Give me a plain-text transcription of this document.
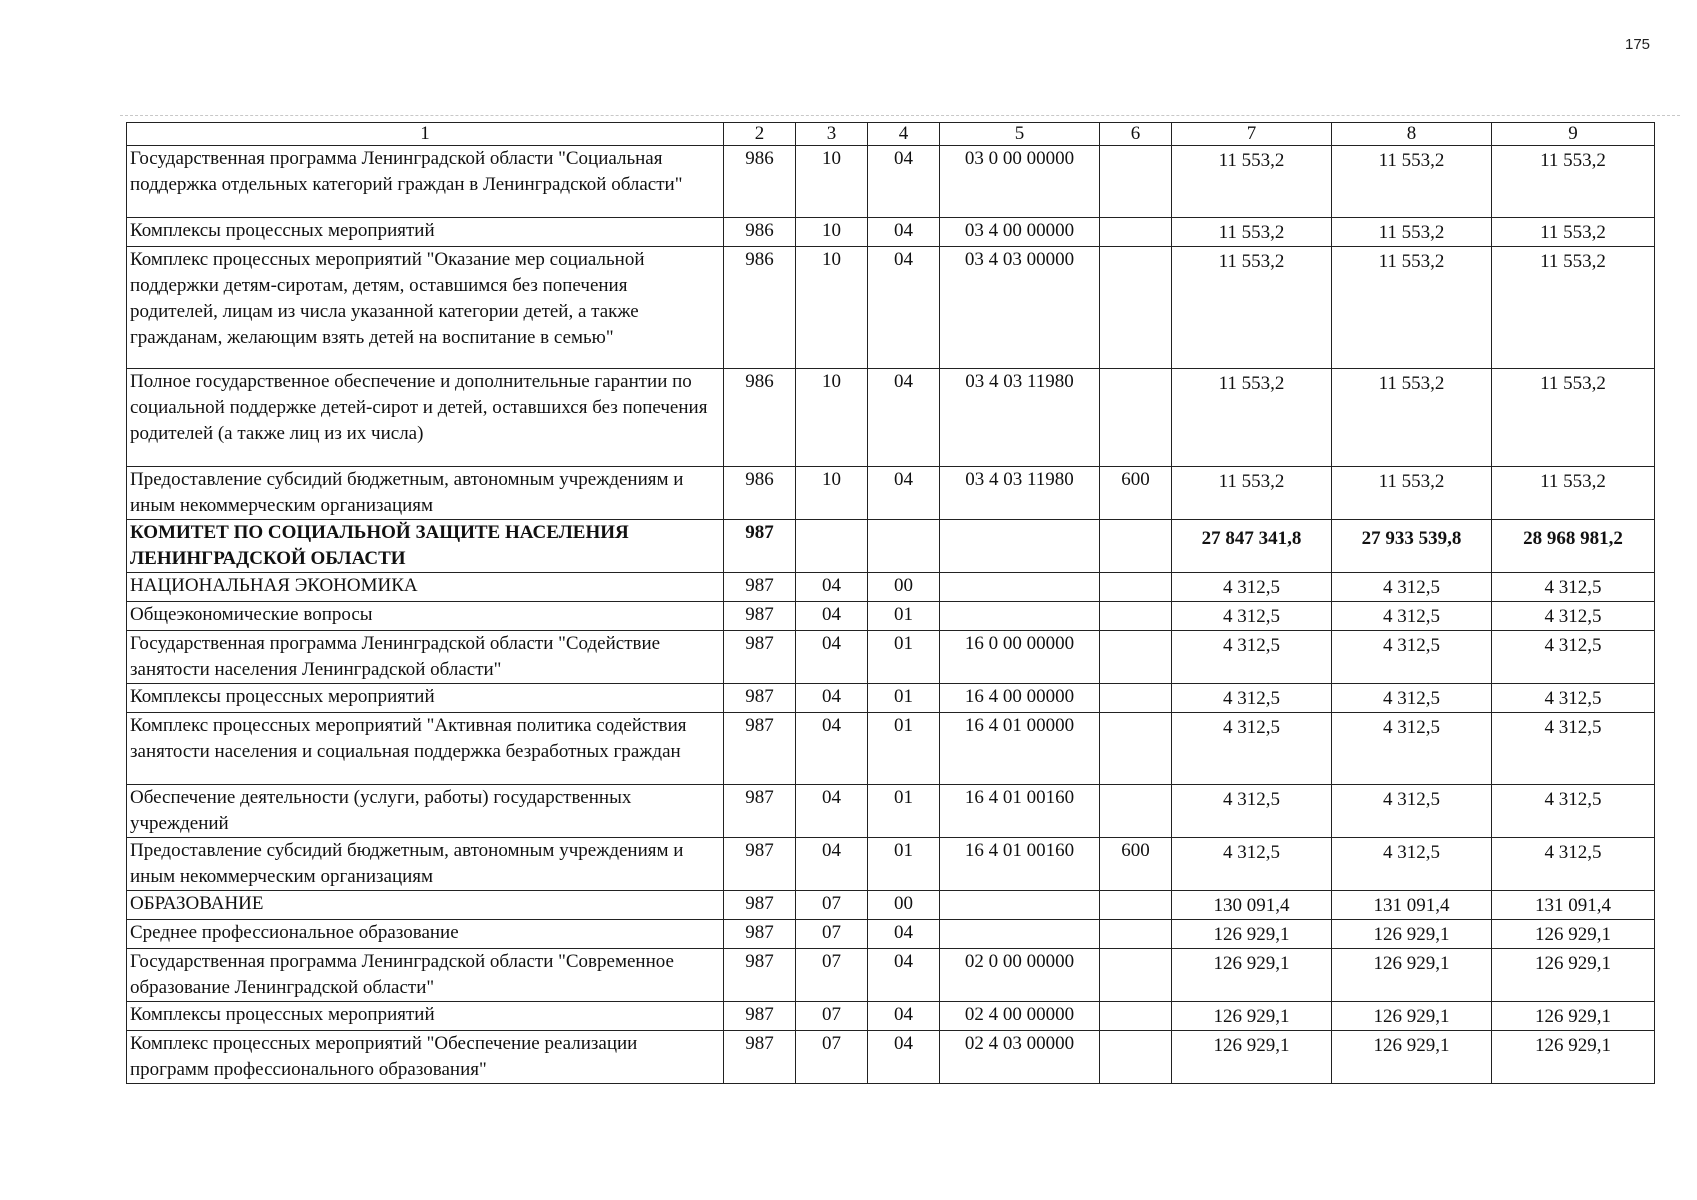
175
1	2	3	4	5	6	7	8	9
Государственная программа Ленинградской области "Социальная поддержка отдельных категорий граждан в Ленинградской области"	986	10	04	03 0 00 00000		11 553,2	11 553,2	11 553,2
Комплексы процессных мероприятий	986	10	04	03 4 00 00000		11 553,2	11 553,2	11 553,2
Комплекс процессных мероприятий "Оказание мер социальной поддержки детям-сиротам, детям, оставшимся без попечения родителей, лицам из числа указанной категории детей, а также гражданам, желающим взять детей на воспитание в семью"	986	10	04	03 4 03 00000		11 553,2	11 553,2	11 553,2
Полное государственное обеспечение и дополнительные гарантии по социальной поддержке детей-сирот и детей, оставшихся без попечения родителей (а также лиц из их числа)	986	10	04	03 4 03 11980		11 553,2	11 553,2	11 553,2
Предоставление субсидий бюджетным, автономным учреждениям и иным некоммерческим организациям	986	10	04	03 4 03 11980	600	11 553,2	11 553,2	11 553,2
КОМИТЕТ ПО СОЦИАЛЬНОЙ ЗАЩИТЕ НАСЕЛЕНИЯ ЛЕНИНГРАДСКОЙ ОБЛАСТИ	987					27 847 341,8	27 933 539,8	28 968 981,2
НАЦИОНАЛЬНАЯ ЭКОНОМИКА	987	04	00			4 312,5	4 312,5	4 312,5
Общеэкономические вопросы	987	04	01			4 312,5	4 312,5	4 312,5
Государственная программа Ленинградской области "Содействие занятости населения Ленинградской области"	987	04	01	16 0 00 00000		4 312,5	4 312,5	4 312,5
Комплексы процессных мероприятий	987	04	01	16 4 00 00000		4 312,5	4 312,5	4 312,5
Комплекс процессных мероприятий "Активная политика содействия занятости населения и социальная поддержка безработных граждан	987	04	01	16 4 01 00000		4 312,5	4 312,5	4 312,5
Обеспечение деятельности (услуги, работы) государственных учреждений	987	04	01	16 4 01 00160		4 312,5	4 312,5	4 312,5
Предоставление субсидий бюджетным, автономным учреждениям и иным некоммерческим организациям	987	04	01	16 4 01 00160	600	4 312,5	4 312,5	4 312,5
ОБРАЗОВАНИЕ	987	07	00			130 091,4	131 091,4	131 091,4
Среднее профессиональное образование	987	07	04			126 929,1	126 929,1	126 929,1
Государственная программа Ленинградской области "Современное образование Ленинградской области"	987	07	04	02 0 00 00000		126 929,1	126 929,1	126 929,1
Комплексы процессных мероприятий	987	07	04	02 4 00 00000		126 929,1	126 929,1	126 929,1
Комплекс процессных мероприятий "Обеспечение реализации программ профессионального образования"	987	07	04	02 4 03 00000		126 929,1	126 929,1	126 929,1
